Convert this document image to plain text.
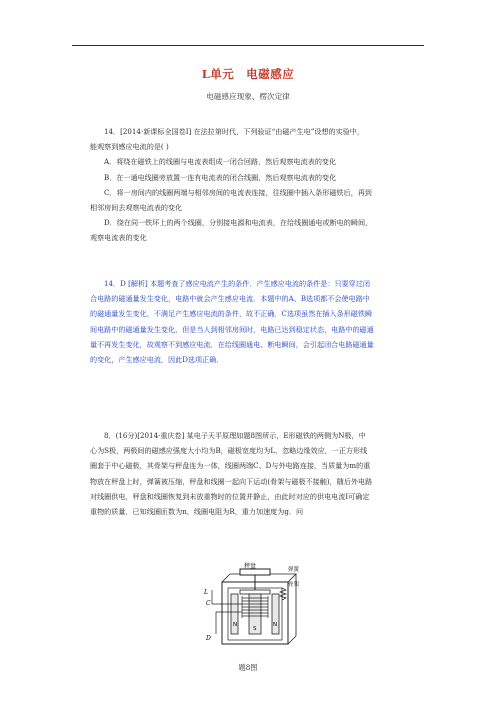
L单元 电磁感应
电磁感应现象、楞次定律

14．[2014·新课标全国卷Ⅰ] 在法拉第时代，下列验证“由磁产生电”设想的实验中，

能观察到感应电流的是( )

A．将绕在磁铁上的线圈与电流表组成一闭合回路，然后观察电流表的变化

B．在一通电线圈旁放置一连有电流表的闭合线圈，然后观察电流表的变化

C．将一房间内的线圈两端与相邻房间的电流表连接，往线圈中插入条形磁铁后，再到

相邻房间去观察电流表的变化

D．绕在同一铁环上的两个线圈，分别接电源和电流表，在给线圈通电或断电的瞬间，

观察电流表的变化

14．D [解析] 本题考查了感应电流产生的条件．产生感应电流的条件是：只要穿过闭

合电路的磁通量发生变化，电路中就会产生感应电流．本题中的A、B选项都不会使电路中

的磁通量发生变化，不满足产生感应电流的条件，故不正确．C选项虽然在插入条形磁铁瞬

间电路中的磁通量发生变化，但是当人到相邻房间时，电路已达到稳定状态，电路中的磁通

量不再发生变化，故观察不到感应电流．在给线圈通电、断电瞬间，会引起闭合电路磁通量

的变化，产生感应电流，因此D选项正确．

8．(16分)[2014·重庆卷] 某电子天平原理如题8图所示，E形磁铁的两侧为N极，中

心为S极，两极间的磁感应强度大小均为B，磁极宽度均为L，忽略边缘效应，一正方形线

圈套于中心磁极，其骨架与秤盘连为一体，线圈两端C、D与外电路连接，当质量为m的重

物放在秤盘上时，弹簧被压缩，秤盘和线圈一起向下运动(骨架与磁极不接触)，随后外电路

对线圈供电，秤盘和线圈恢复到未放重物时的位置并静止，由此时对应的供电电流I可确定

重物的质量．已知线圈匝数为n，线圈电阻为R，重力加速度为g．问

秤盘	弹簧
骨架
L
C
D
N
S
N
题8图
